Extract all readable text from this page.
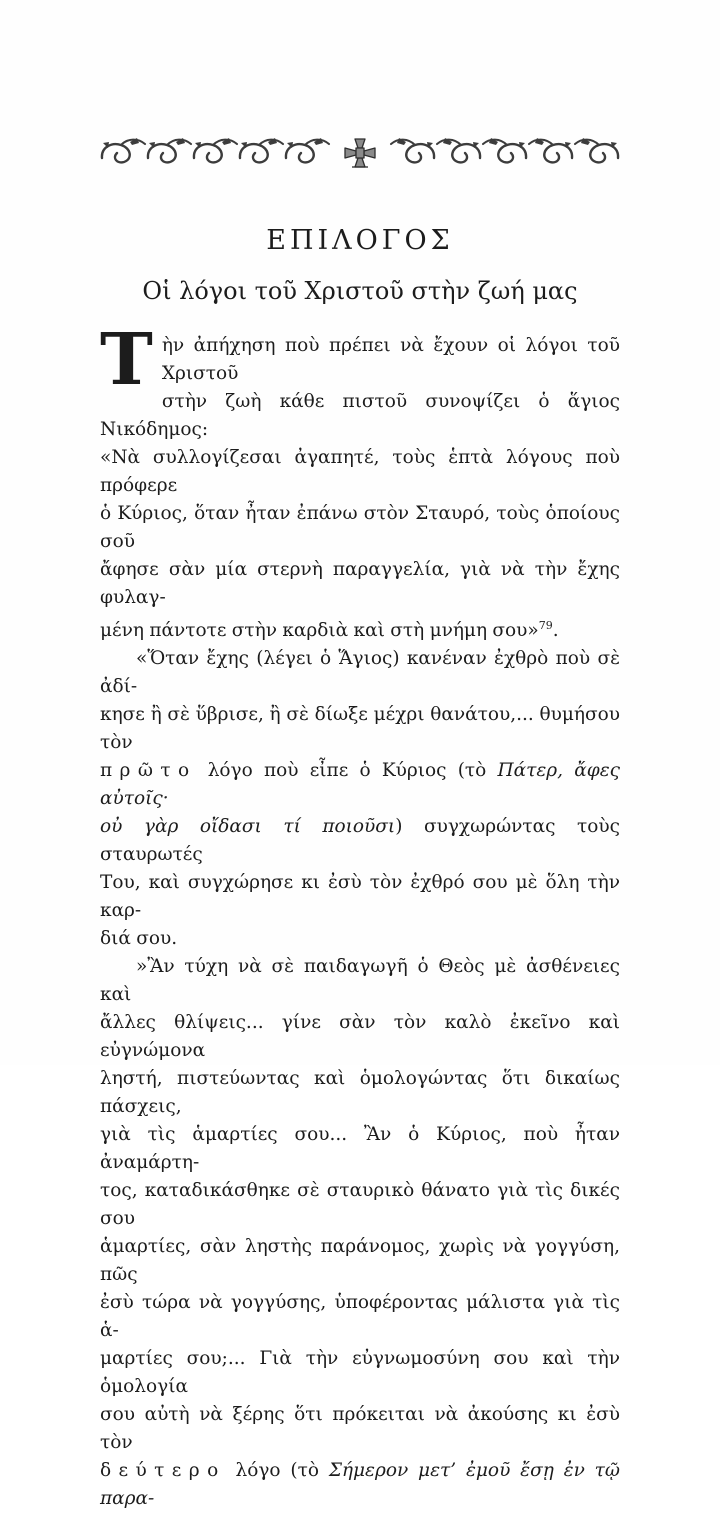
ΕΠΙΛΟΓΟΣ
Οἱ λόγοι τοῦ Χριστοῦ στὴν ζωή μας
Τ ὴν ἀπήχηση ποὺ πρέπει νὰ ἔχουν οἱ λόγοι τοῦ Χριστοῦ
στὴν ζωὴ κάθε πιστοῦ συνοψίζει ὁ ἅγιος Νικόδημος:
«Νὰ συλλογίζεσαι ἀγαπητέ, τοὺς ἑπτὰ λόγους ποὺ πρόφερε
ὁ Κύριος, ὅταν ἦταν ἐπάνω στὸν Σταυρό, τοὺς ὁποίους σοῦ
ἄφησε σὰν μία στερνὴ παραγγελία, γιὰ νὰ τὴν ἔχης φυλαγ-
μένη πάντοτε στὴν καρδιὰ καὶ στὴ μνήμη σου»$^{79}$.
«Ὅταν ἔχης (λέγει ὁ Ἅγιος) κανέναν ἐχθρὸ ποὺ σὲ ἀδί-
κησε ἢ σὲ ὕβρισε, ἢ σὲ δίωξε μέχρι θανάτου,... θυμήσου τὸν
πρῶτο λόγο ποὺ εἶπε ὁ Κύριος (τὸ Πάτερ, ἄφες αὐτοῖς·
οὐ γὰρ οἴδασι τί ποιοῦσι) συγχωρώντας τοὺς σταυρωτές
Του, καὶ συγχώρησε κι ἐσὺ τὸν ἐχθρό σου μὲ ὅλη τὴν καρ-
διά σου.
»Ἂν τύχη νὰ σὲ παιδαγωγῆ ὁ Θεὸς μὲ ἀσθένειες καὶ
ἄλλες θλίψεις... γίνε σὰν τὸν καλὸ ἐκεῖνο καὶ εὐγνώμονα
ληστή, πιστεύωντας καὶ ὁμολογώντας ὅτι δικαίως πάσχεις,
γιὰ τὶς ἁμαρτίες σου... Ἂν ὁ Κύριος, ποὺ ἦταν ἀναμάρτη-
τος, καταδικάσθηκε σὲ σταυρικὸ θάνατο γιὰ τὶς δικές σου
ἁμαρτίες, σὰν ληστὴς παράνομος, χωρὶς νὰ γογγύση, πῶς
ἐσὺ τώρα νὰ γογγύσης, ὑποφέροντας μάλιστα γιὰ τὶς ἁ-
μαρτίες σου;... Γιὰ τὴν εὐγνωμοσύνη σου καὶ τὴν ὁμολογία
σου αὐτὴ νὰ ξέρης ὅτι πρόκειται νὰ ἀκούσης κι ἐσὺ τὸν
δεύτερο λόγο (τὸ Σήμερον μετ’ ἐμοῦ ἔσῃ ἐν τῷ παρα-
